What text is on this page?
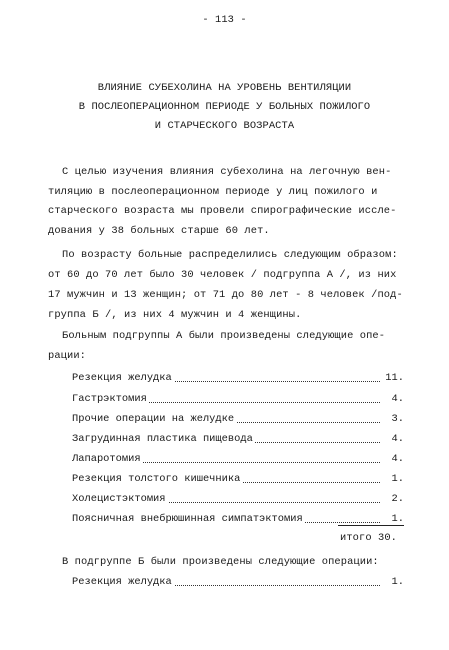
- 113 -
ВЛИЯНИЕ СУБЕХОЛИНА НА УРОВЕНЬ ВЕНТИЛЯЦИИ
В ПОСЛЕОПЕРАЦИОННОМ ПЕРИОДЕ У БОЛЬНЫХ ПОЖИЛОГО
И СТАРЧЕСКОГО ВОЗРАСТА
С целью изучения влияния субехолина на легочную вен-
тиляцию в послеоперационном периоде у лиц пожилого и
старческого возраста мы провели спирографические иссле-
дования у 38 больных старше 60 лет.
По возрасту больные распределились следующим образом:
от 60 до 70 лет было 30 человек / подгруппа А /, из них
17 мужчин и 13 женщин; от 71 до 80 лет - 8 человек /под-
группа Б /, из них 4 мужчин и 4 женщины.
Больным подгруппы А были произведены следующие опе-
рации:
Резекция желудка	11.
Гастрэктомия	4.
Прочие операции на желудке	3.
Загрудинная пластика пищевода	4.
Лапаротомия	4.
Резекция толстого кишечника	1.
Холецистэктомия	2.
Поясничная внебрюшинная симпатэктомия	1.
итого 30.
В подгруппе Б были произведены следующие операции:
Резекция желудка	1.
